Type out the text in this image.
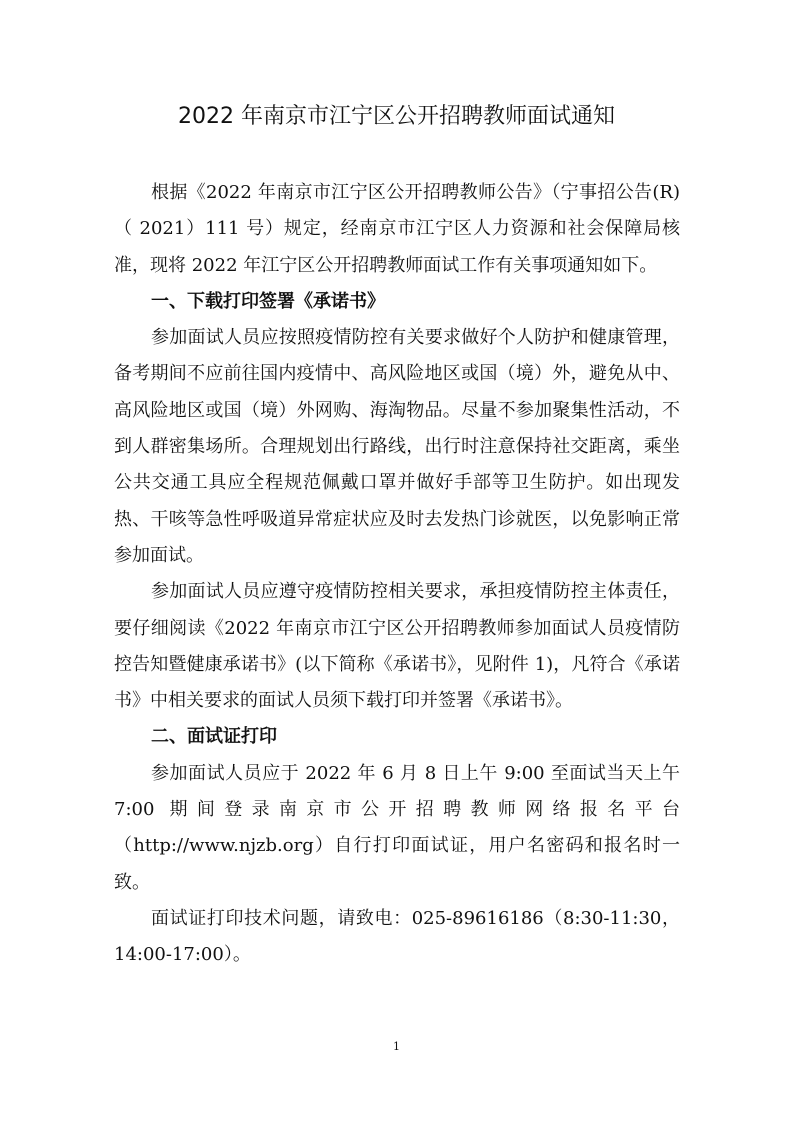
2022 年南京市江宁区公开招聘教师面试通知

根据《2022 年南京市江宁区公开招聘教师公告》（宁事招公告(R) （ 2021）111 号）规定，经南京市江宁区人力资源和社会保障局核准，现将 2022 年江宁区公开招聘教师面试工作有关事项通知如下。

一、下载打印签署《承诺书》

参加面试人员应按照疫情防控有关要求做好个人防护和健康管理，备考期间不应前往国内疫情中、高风险地区或国（境）外，避免从中、高风险地区或国（境）外网购、海淘物品。尽量不参加聚集性活动，不到人群密集场所。合理规划出行路线，出行时注意保持社交距离，乘坐公共交通工具应全程规范佩戴口罩并做好手部等卫生防护。如出现发热、干咳等急性呼吸道异常症状应及时去发热门诊就医，以免影响正常参加面试。

参加面试人员应遵守疫情防控相关要求，承担疫情防控主体责任，要仔细阅读《2022 年南京市江宁区公开招聘教师参加面试人员疫情防控告知暨健康承诺书》(以下简称《承诺书》，见附件 1)，凡符合《承诺书》中相关要求的面试人员须下载打印并签署《承诺书》。

二、面试证打印

参加面试人员应于 2022 年 6 月 8 日上午 9:00 至面试当天上午 7:00 期间登录南京市公开招聘教师网络报名平台（http://www.njzb.org）自行打印面试证，用户名密码和报名时一致。

面试证打印技术问题，请致电：025-89616186（8:30-11:30，14:00-17:00）。

1
